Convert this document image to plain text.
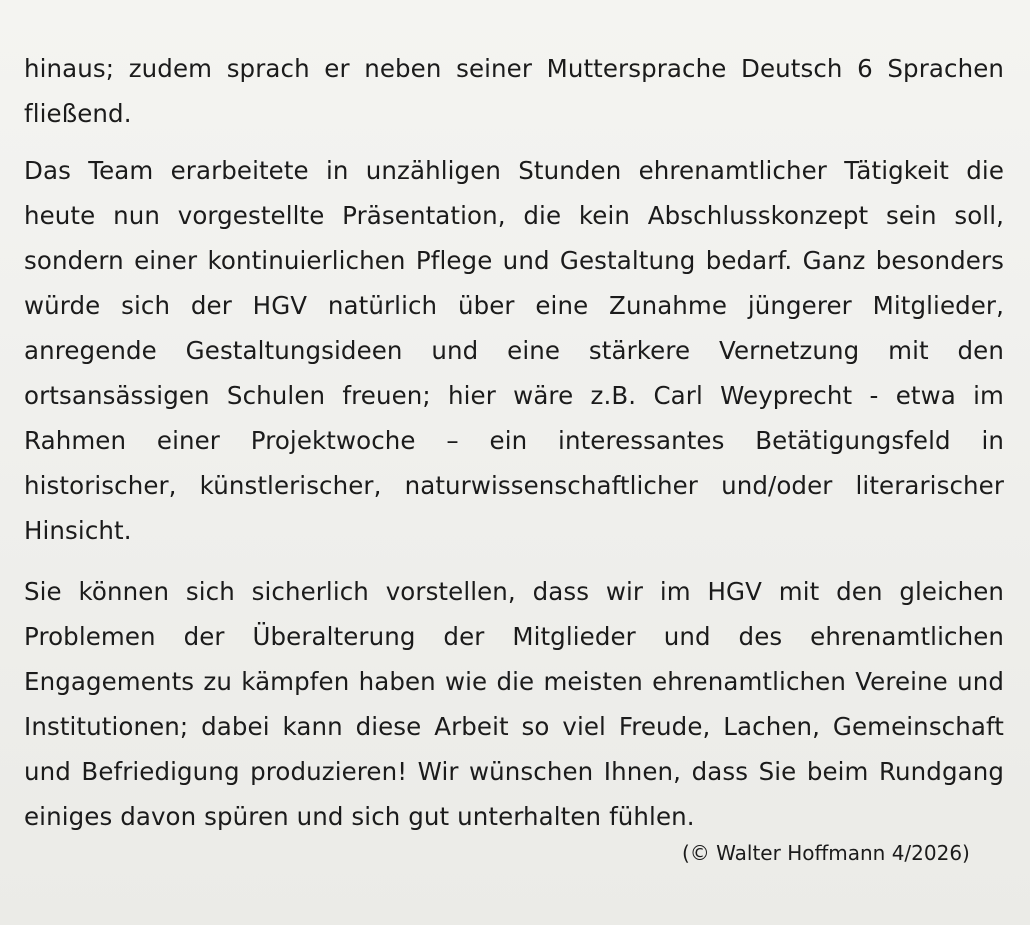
hinaus; zudem sprach er neben seiner Muttersprache Deutsch 6 Sprachen fließend.

Das Team erarbeitete in unzähligen Stunden ehrenamtlicher Tätigkeit die heute nun vorgestellte Präsentation, die kein Abschlusskonzept sein soll, sondern einer kontinuierlichen Pflege und Gestaltung bedarf. Ganz besonders würde sich der HGV natürlich über eine Zunahme jüngerer Mitglieder, anregende Gestaltungsideen und eine stärkere Vernetzung mit den ortsansässigen Schulen freuen; hier wäre z.B. Carl Weyprecht - etwa im Rahmen einer Projektwoche – ein interessantes Betätigungsfeld in historischer, künstlerischer, naturwissenschaftlicher und/oder literarischer Hinsicht.

Sie können sich sicherlich vorstellen, dass wir im HGV mit den gleichen Problemen der Überalterung der Mitglieder und des ehrenamtlichen Engagements zu kämpfen haben wie die meisten ehrenamtlichen Vereine und Institutionen; dabei kann diese Arbeit so viel Freude, Lachen, Gemeinschaft und Befriedigung produzieren! Wir wünschen Ihnen, dass Sie beim Rundgang einiges davon spüren und sich gut unterhalten fühlen.

(© Walter Hoffmann 4/2026)
